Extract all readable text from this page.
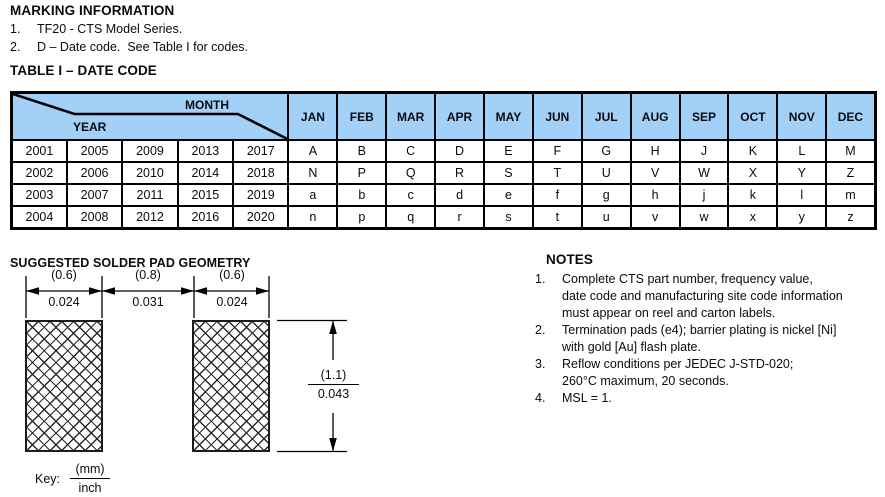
MARKING INFORMATION
1.	TF20 - CTS Model Series.
2.	D – Date code.  See Table I for codes.
TABLE I – DATE CODE
MONTH
YEAR					JAN	FEB	MAR	APR	MAY	JUN	JUL	AUG	SEP	OCT	NOV	DEC
2001	2005	2009	2013	2017	A	B	C	D	E	F	G	H	J	K	L	M
2002	2006	2010	2014	2018	N	P	Q	R	S	T	U	V	W	X	Y	Z
2003	2007	2011	2015	2019	a	b	c	d	e	f	g	h	j	k	l	m
2004	2008	2012	2016	2020	n	p	q	r	s	t	u	v	w	x	y	z
SUGGESTED SOLDER PAD GEOMETRY
(0.6)	(0.8)	(0.6)
0.024	0.031	0.024
(1.1)
0.043
Key:
(mm)
inch
NOTES
1.	Complete CTS part number, frequency value,
date code and manufacturing site code information
must appear on reel and carton labels.
2.	Termination pads (e4); barrier plating is nickel [Ni]
with gold [Au] flash plate.
3.	Reflow conditions per JEDEC J-STD-020;
260°C maximum, 20 seconds.
4.	MSL = 1.
